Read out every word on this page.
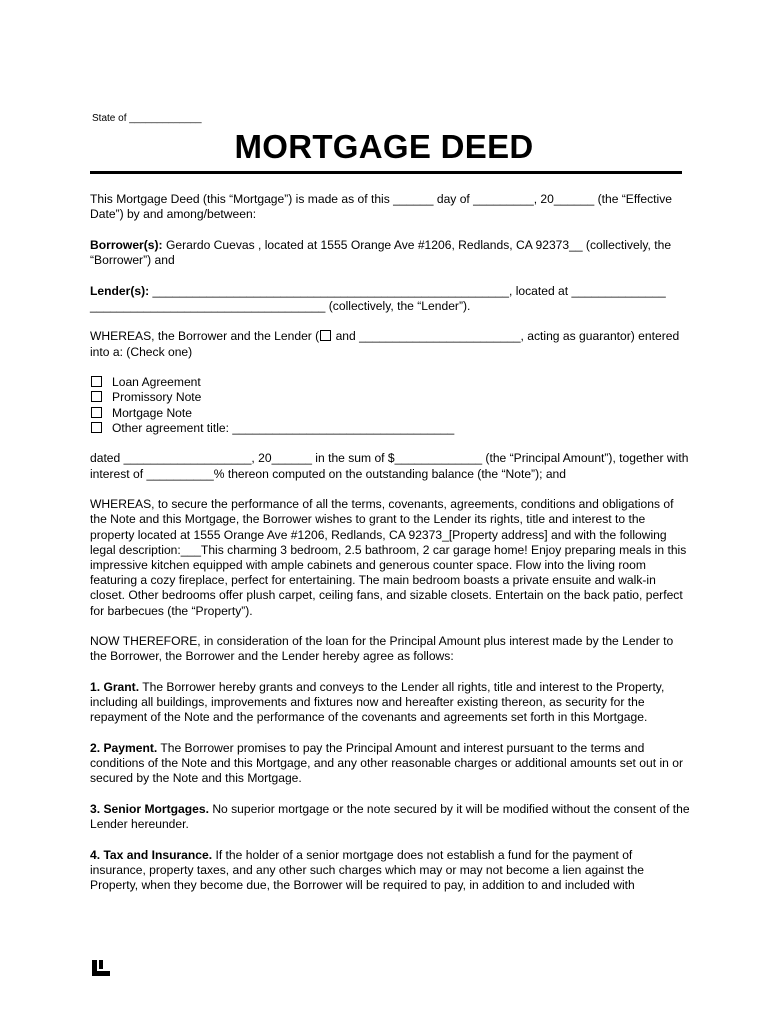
State of _____________
MORTGAGE DEED

This Mortgage Deed (this “Mortgage”) is made as of this ______ day of _________, 20______ (the “Effective Date”) by and among/between:

Borrower(s): Gerardo Cuevas , located at 1555 Orange Ave #1206, Redlands, CA 92373__ (collectively, the “Borrower”) and

Lender(s): _____________________________________________________, located at ______________ ___________________________________ (collectively, the “Lender”).

WHEREAS, the Borrower and the Lender ( and ________________________, acting as guarantor) entered into a: (Check one)

Loan Agreement
Promissory Note
Mortgage Note
Other agreement title: _________________________________

dated ___________________, 20______ in the sum of $_____________ (the “Principal Amount”), together with interest of __________% thereon computed on the outstanding balance (the “Note”); and

WHEREAS, to secure the performance of all the terms, covenants, agreements, conditions and obligations of the Note and this Mortgage, the Borrower wishes to grant to the Lender its rights, title and interest to the property located at 1555 Orange Ave #1206, Redlands, CA 92373_[Property address] and with the following legal description:___This charming 3 bedroom, 2.5 bathroom, 2 car garage home! Enjoy preparing meals in this impressive kitchen equipped with ample cabinets and generous counter space. Flow into the living room featuring a cozy fireplace, perfect for entertaining. The main bedroom boasts a private ensuite and walk-in closet. Other bedrooms offer plush carpet, ceiling fans, and sizable closets. Entertain on the back patio, perfect for barbecues (the “Property”).

NOW THEREFORE, in consideration of the loan for the Principal Amount plus interest made by the Lender to the Borrower, the Borrower and the Lender hereby agree as follows:

1. Grant. The Borrower hereby grants and conveys to the Lender all rights, title and interest to the Property, including all buildings, improvements and fixtures now and hereafter existing thereon, as security for the repayment of the Note and the performance of the covenants and agreements set forth in this Mortgage.

2. Payment. The Borrower promises to pay the Principal Amount and interest pursuant to the terms and conditions of the Note and this Mortgage, and any other reasonable charges or additional amounts set out in or secured by the Note and this Mortgage.

3. Senior Mortgages. No superior mortgage or the note secured by it will be modified without the consent of the Lender hereunder.

4. Tax and Insurance. If the holder of a senior mortgage does not establish a fund for the payment of insurance, property taxes, and any other such charges which may or may not become a lien against the Property, when they become due, the Borrower will be required to pay, in addition to and included with
